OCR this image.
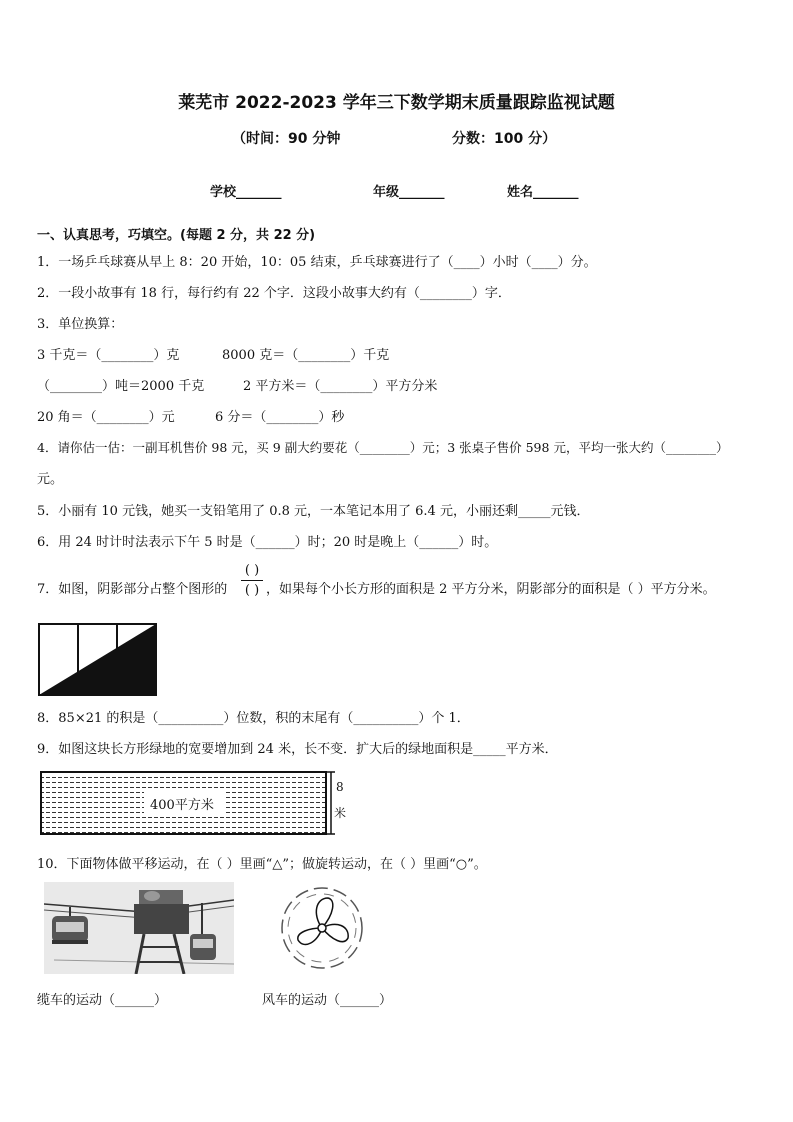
莱芜市 2022-2023 学年三下数学期末质量跟踪监视试题
（时间：90 分钟	分数：100 分）
学校_______	年级_______	姓名_______
一、认真思考，巧填空。(每题 2 分，共 22 分)
1．一场乒乓球赛从早上 8：20 开始，10：05 结束，乒乓球赛进行了（____）小时（____）分。
2．一段小故事有 18 行，每行约有 22 个字．这段小故事大约有（________）字．
3．单位换算：
3 千克＝（________）克	8000 克＝（________）千克
（________）吨＝2000 千克	2 平方米＝（________）平方分米
20 角＝（________）元	6 分＝（________）秒
4．请你估一估：一副耳机售价 98 元，买 9 副大约要花（________）元；3 张桌子售价 598 元，平均一张大约（________）
元。
5．小丽有 10 元钱，她买一支铅笔用了 0.8 元，一本笔记本用了 6.4 元，小丽还剩_____元钱．
6．用 24 时计时法表示下午 5 时是（______）时；20 时是晚上（______）时。
7．如图，阴影部分占整个图形的
( )
( ) ，如果每个小长方形的面积是 2 平方分米，阴影部分的面积是（ ）平方分米。
8．85×21 的积是（__________）位数，积的末尾有（__________）个 1．
9．如图这块长方形绿地的宽要增加到 24 米，长不变．扩大后的绿地面积是_____平方米．
400平方米
8
米
10．下面物体做平移运动，在（ ）里画“△”；做旋转运动，在（ ）里画“○”。
缆车的运动（______）	风车的运动（______）
